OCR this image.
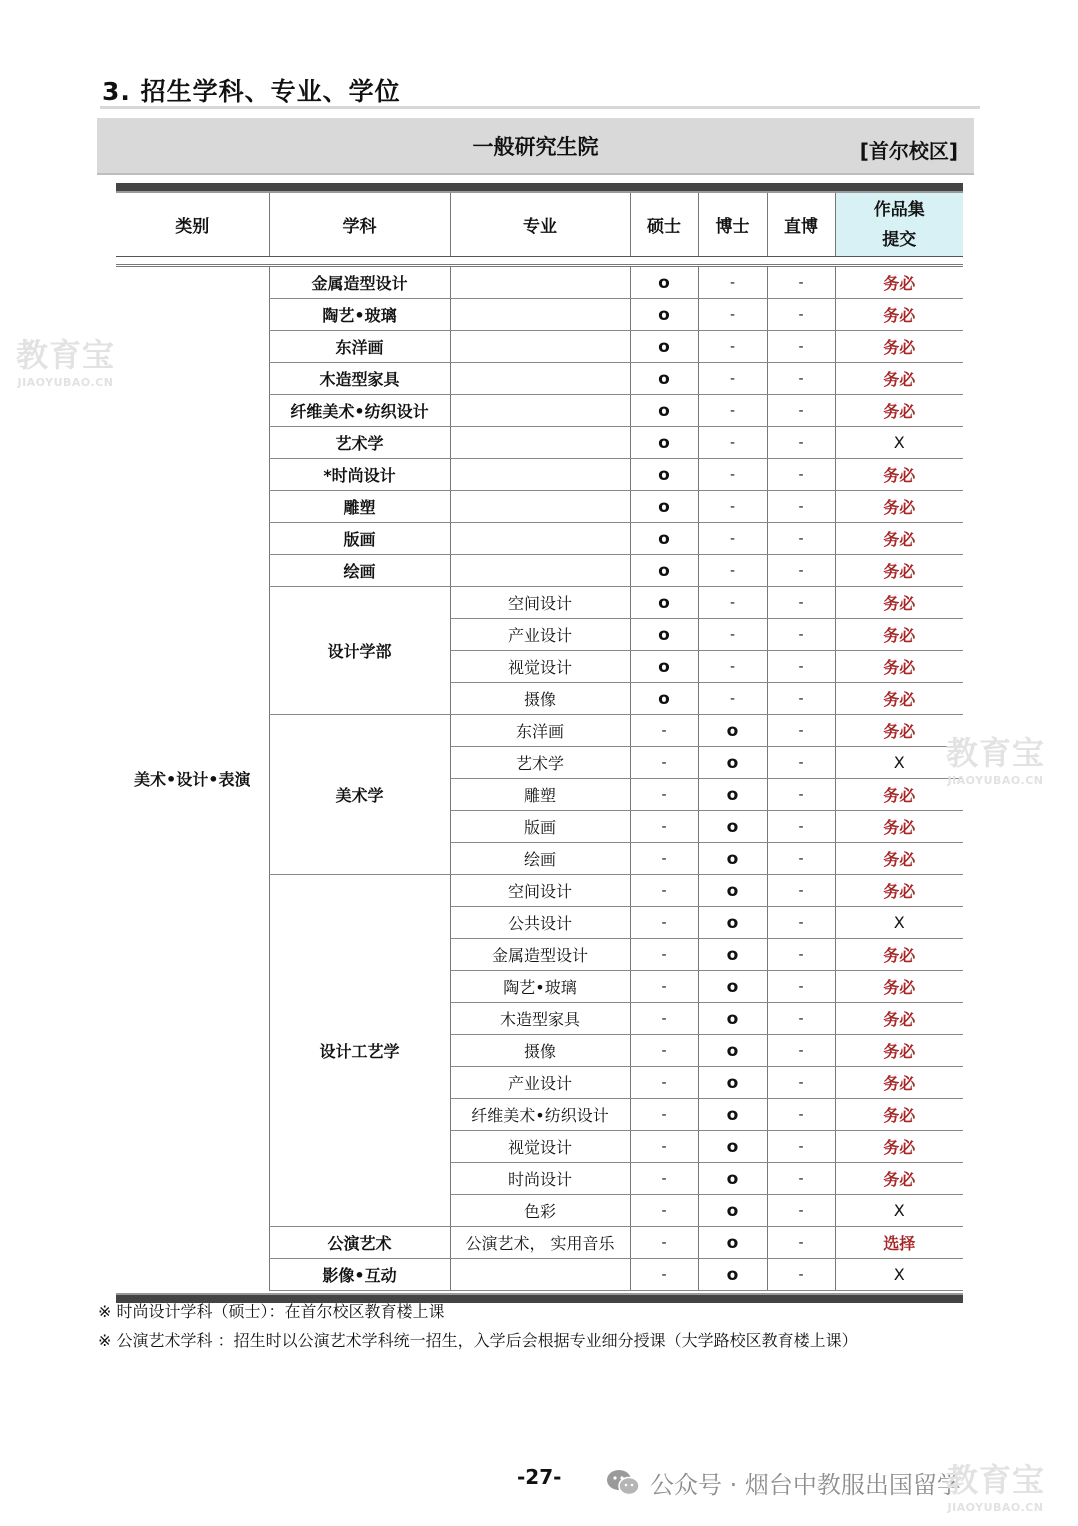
3. 招生学科、专业、学位
一般研究生院	[首尔校区]
类别	学科	专业	硕士	博士	直博	作品集
提交

美术•设计•表演	金属造型设计		o	-	-	务必
	陶艺•玻璃		o	-	-	务必
	东洋画		o	-	-	务必
	木造型家具		o	-	-	务必
	纤维美术•纺织设计		o	-	-	务必
	艺术学		o	-	-	X
	*时尚设计		o	-	-	务必
	雕塑		o	-	-	务必
	版画		o	-	-	务必
	绘画		o	-	-	务必
	设计学部	空间设计	o	-	-	务必
		产业设计	o	-	-	务必
		视觉设计	o	-	-	务必
		摄像	o	-	-	务必
	美术学	东洋画	-	o	-	务必
		艺术学	-	o	-	X
		雕塑	-	o	-	务必
		版画	-	o	-	务必
		绘画	-	o	-	务必
	设计工艺学	空间设计	-	o	-	务必
		公共设计	-	o	-	X
		金属造型设计	-	o	-	务必
		陶艺•玻璃	-	o	-	务必
		木造型家具	-	o	-	务必
		摄像	-	o	-	务必
		产业设计	-	o	-	务必
		纤维美术•纺织设计	-	o	-	务必
		视觉设计	-	o	-	务必
		时尚设计	-	o	-	务必
		色彩	-	o	-	X
	公演艺术	公演艺术， 实用音乐	-	o	-	选择
	影像•互动		-	o	-	X
※ 时尚设计学科（硕士）：在首尔校区教育楼上课
※ 公演艺术学科 ：招生时以公演艺术学科统一招生，入学后会根据专业细分授课（大学路校区教育楼上课）
-27-
教育宝
JIAOYUBAO.CN
教育宝
JIAOYUBAO.CN
公众号 · 烟台中教服出国留学
教育宝
JIAOYUBAO.CN
